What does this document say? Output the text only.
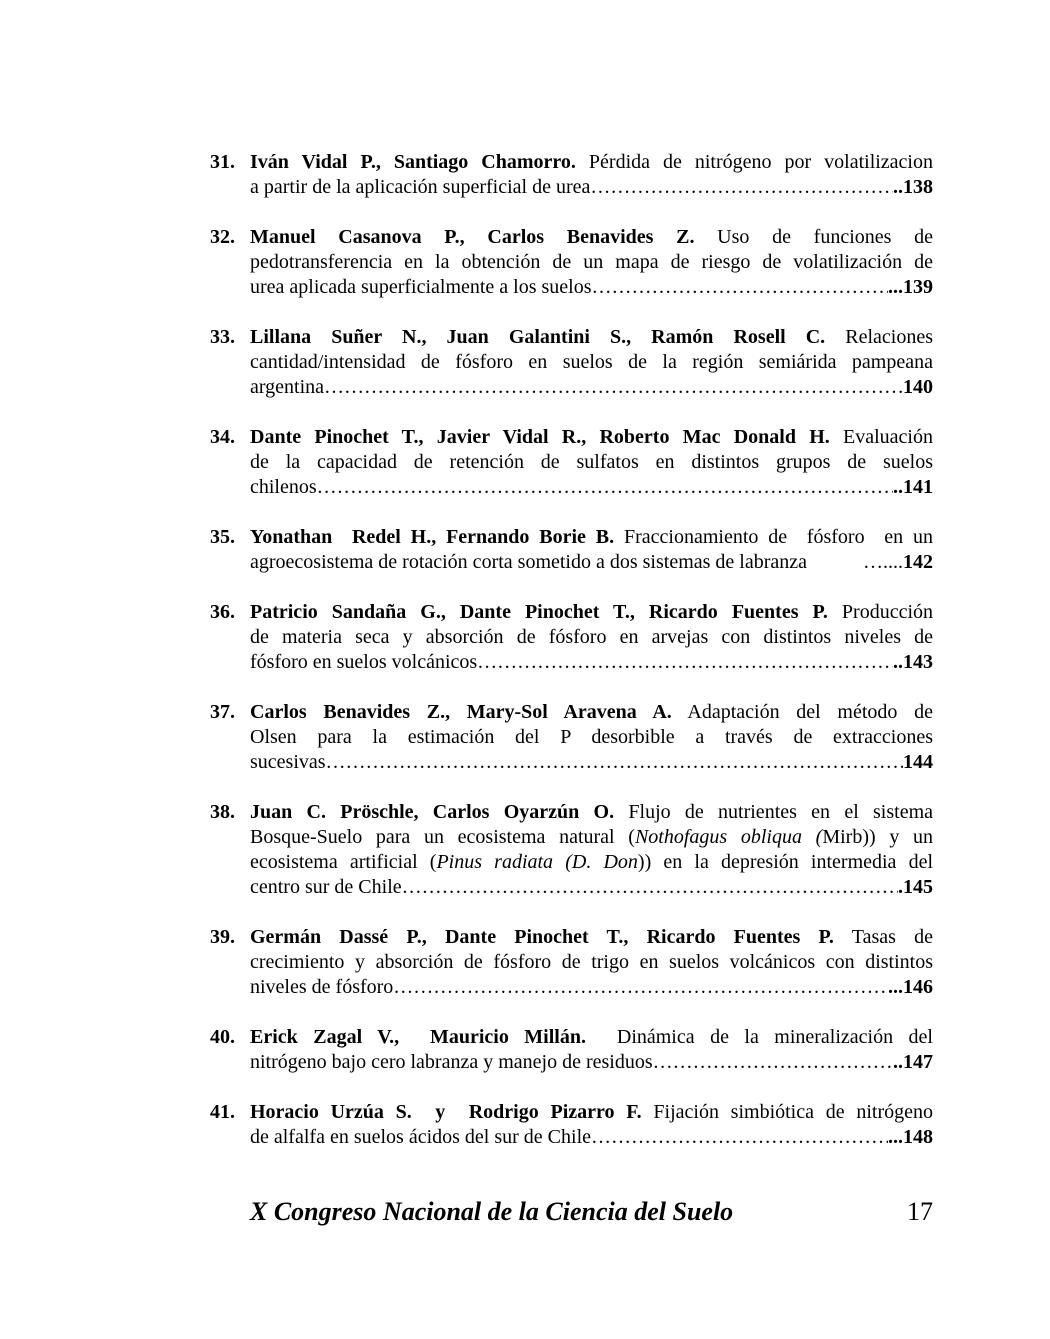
31. Iván Vidal P., Santiago Chamorro. Pérdida de nitrógeno por volatilizacion
a partir de la aplicación superficial de urea …………………………………………………………………………………………………………………………………………………………	..138
32. Manuel Casanova P., Carlos Benavides Z. Uso de funciones de
pedotransferencia en la obtención de un mapa de riesgo de volatilización de
urea aplicada superficialmente a los suelos …………………………………………………………………………………………………………………………………………………………	...139
33. Lillana Suñer N., Juan Galantini S., Ramón Rosell C. Relaciones
cantidad/intensidad de fósforo en suelos de la región semiárida pampeana
argentina …………………………………………………………………………………………………………………………………………………………	140
34. Dante Pinochet T., Javier Vidal R., Roberto Mac Donald H. Evaluación
de la capacidad de retención de sulfatos en distintos grupos de suelos
chilenos …………………………………………………………………………………………………………………………………………………………	..141
35. Yonathan  Redel H., Fernando Borie B. Fraccionamiento de  fósforo  en un
agroecosistema de rotación corta sometido a dos sistemas de labranza	…....142
36. Patricio Sandaña G., Dante Pinochet T., Ricardo Fuentes P. Producción
de materia seca y absorción de fósforo en arvejas con distintos niveles de
fósforo en suelos volcánicos …………………………………………………………………………………………………………………………………………………………	..143
37. Carlos Benavides Z., Mary-Sol Aravena A. Adaptación del método de
Olsen para la estimación del P desorbible a través de extracciones
sucesivas …………………………………………………………………………………………………………………………………………………………	144
38. Juan C. Pröschle, Carlos Oyarzún O. Flujo de nutrientes en el sistema
Bosque-Suelo para un ecosistema natural (Nothofagus obliqua (Mirb)) y un
ecosistema artificial (Pinus radiata (D. Don)) en la depresión intermedia del
centro sur de Chile …………………………………………………………………………………………………………………………………………………………	.145
39. Germán Dassé P., Dante Pinochet T., Ricardo Fuentes P. Tasas de
crecimiento y absorción de fósforo de trigo en suelos volcánicos con distintos
niveles de fósforo …………………………………………………………………………………………………………………………………………………………	...146
40. Erick Zagal V.,  Mauricio Millán.  Dinámica de la mineralización del
nitrógeno bajo cero labranza y manejo de residuos …………………………………………………………………………………………………………………………………………………………	..147
41. Horacio Urzúa S.  y  Rodrigo Pizarro F. Fijación simbiótica de nitrógeno
de alfalfa en suelos ácidos del sur de Chile …………………………………………………………………………………………………………………………………………………………	...148
X Congreso Nacional de la Ciencia del Suelo	17
